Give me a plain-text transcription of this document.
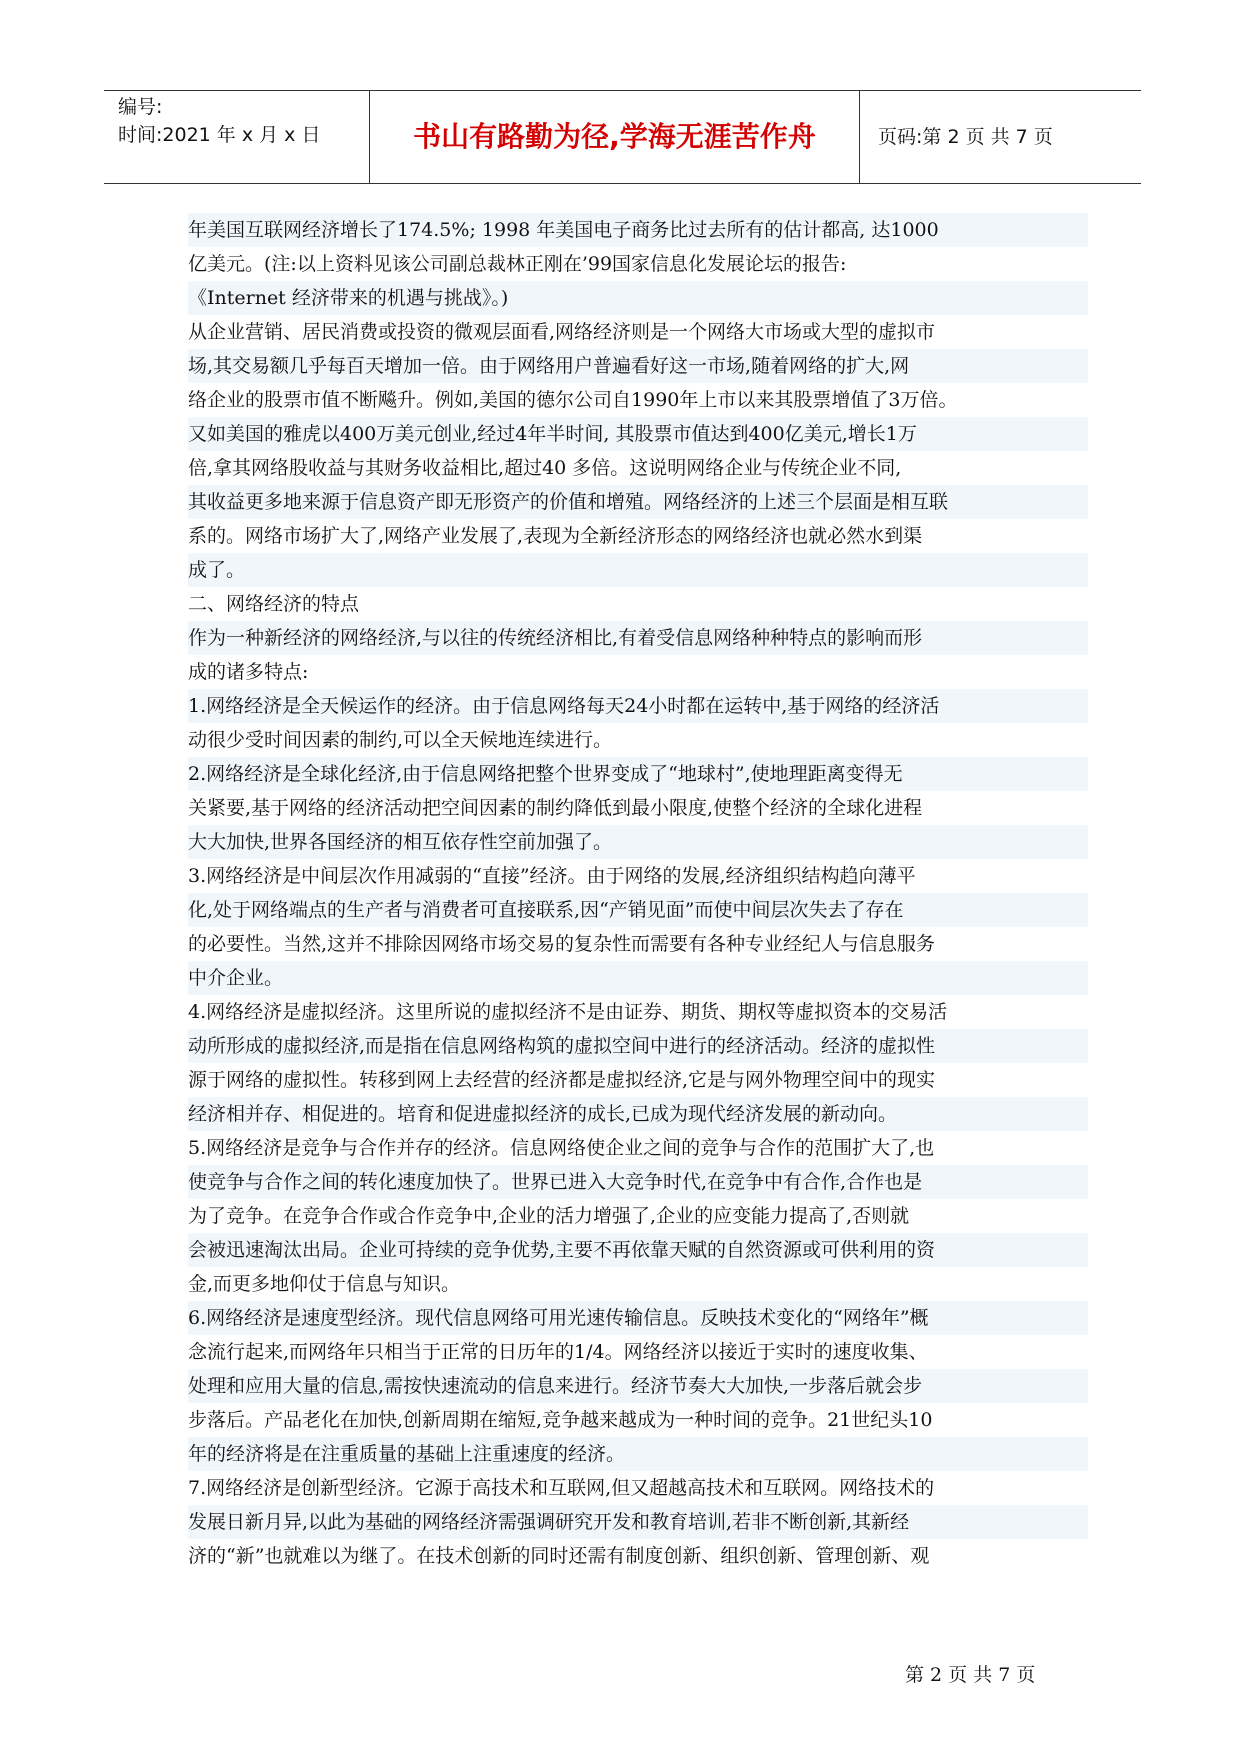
编号:
时间:2021 年 x 月 x 日	书山有路勤为径,学海无涯苦作舟	页码:第 2 页 共 7 页
年美国互联网经济增长了174.5%; 1998 年美国电子商务比过去所有的估计都高, 达1000
亿美元。(注:以上资料见该公司副总裁林正刚在’99国家信息化发展论坛的报告:
《Internet 经济带来的机遇与挑战》。)
从企业营销、居民消费或投资的微观层面看,网络经济则是一个网络大市场或大型的虚拟市
场,其交易额几乎每百天增加一倍。由于网络用户普遍看好这一市场,随着网络的扩大,网
络企业的股票市值不断飚升。例如,美国的德尔公司自1990年上市以来其股票增值了3万倍。
又如美国的雅虎以400万美元创业,经过4年半时间, 其股票市值达到400亿美元,增长1万
倍,拿其网络股收益与其财务收益相比,超过40 多倍。这说明网络企业与传统企业不同,
其收益更多地来源于信息资产即无形资产的价值和增殖。网络经济的上述三个层面是相互联
系的。网络市场扩大了,网络产业发展了,表现为全新经济形态的网络经济也就必然水到渠
成了。
二、网络经济的特点
作为一种新经济的网络经济,与以往的传统经济相比,有着受信息网络种种特点的影响而形
成的诸多特点:
1.网络经济是全天候运作的经济。由于信息网络每天24小时都在运转中,基于网络的经济活
动很少受时间因素的制约,可以全天候地连续进行。
2.网络经济是全球化经济,由于信息网络把整个世界变成了“地球村”,使地理距离变得无
关紧要,基于网络的经济活动把空间因素的制约降低到最小限度,使整个经济的全球化进程
大大加快,世界各国经济的相互依存性空前加强了。
3.网络经济是中间层次作用减弱的“直接”经济。由于网络的发展,经济组织结构趋向薄平
化,处于网络端点的生产者与消费者可直接联系,因“产销见面”而使中间层次失去了存在
的必要性。当然,这并不排除因网络市场交易的复杂性而需要有各种专业经纪人与信息服务
中介企业。
4.网络经济是虚拟经济。这里所说的虚拟经济不是由证券、期货、期权等虚拟资本的交易活
动所形成的虚拟经济,而是指在信息网络构筑的虚拟空间中进行的经济活动。经济的虚拟性
源于网络的虚拟性。转移到网上去经营的经济都是虚拟经济,它是与网外物理空间中的现实
经济相并存、相促进的。培育和促进虚拟经济的成长,已成为现代经济发展的新动向。
5.网络经济是竞争与合作并存的经济。信息网络使企业之间的竞争与合作的范围扩大了,也
使竞争与合作之间的转化速度加快了。世界已进入大竞争时代,在竞争中有合作,合作也是
为了竞争。在竞争合作或合作竞争中,企业的活力增强了,企业的应变能力提高了,否则就
会被迅速淘汰出局。企业可持续的竞争优势,主要不再依靠天赋的自然资源或可供利用的资
金,而更多地仰仗于信息与知识。
6.网络经济是速度型经济。现代信息网络可用光速传输信息。反映技术变化的“网络年”概
念流行起来,而网络年只相当于正常的日历年的1/4。网络经济以接近于实时的速度收集、
处理和应用大量的信息,需按快速流动的信息来进行。经济节奏大大加快,一步落后就会步
步落后。产品老化在加快,创新周期在缩短,竞争越来越成为一种时间的竞争。21世纪头10
年的经济将是在注重质量的基础上注重速度的经济。
7.网络经济是创新型经济。它源于高技术和互联网,但又超越高技术和互联网。网络技术的
发展日新月异,以此为基础的网络经济需强调研究开发和教育培训,若非不断创新,其新经
济的“新”也就难以为继了。在技术创新的同时还需有制度创新、组织创新、管理创新、观
第 2 页 共 7 页
